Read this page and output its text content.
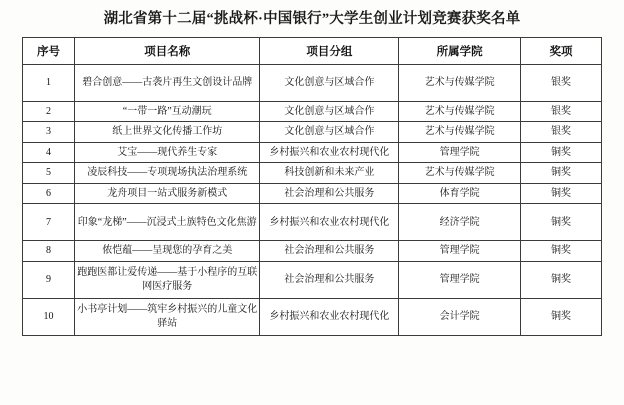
湖北省第十二届“挑战杯·中国银行”大学生创业计划竞赛获奖名单
序号	项目名称	项目分组	所属学院	奖项
1	碧合创意——古袭片再生文创设计品牌	文化创意与区域合作	艺术与传媒学院	银奖
2	“一带一路”互动潮玩	文化创意与区域合作	艺术与传媒学院	银奖
3	纸上世界文化传播工作坊	文化创意与区域合作	艺术与传媒学院	银奖
4	艾宝——现代养生专家	乡村振兴和农业农村现代化	管理学院	铜奖
5	凌辰科技——专项现场执法治理系统	科技创新和未来产业	艺术与传媒学院	铜奖
6	龙舟项目一站式服务新模式	社会治理和公共服务	体育学院	铜奖
7	印象“龙梯”——沉浸式土族特色文化焦游	乡村振兴和农业农村现代化	经济学院	铜奖
8	侬恺蕴——呈现您的孕育之美	社会治理和公共服务	管理学院	铜奖
9	跑跑医都让爱传递——基于小程序的互联网医疗服务	社会治理和公共服务	管理学院	铜奖
10	小书亭计划——筑牢乡村振兴的儿童文化驿站	乡村振兴和农业农村现代化	会计学院	铜奖
